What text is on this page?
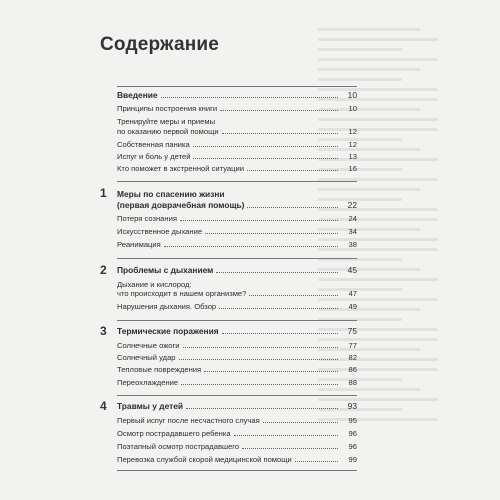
Содержание
Введение	10
Принципы построения книги	10
Тренируйте меры и приемы
по оказанию первой помощи	12
Собственная паника	12
Испуг и боль у детей	13
Кто поможет в экстренной ситуации	16
1 Меры по спасению жизни
(первая доврачебная помощь)	22
Потеря сознания	24
Искусственное дыхание	34
Реанимация	38
2 Проблемы с дыханием	45
Дыхание и кислород:
что происходит в нашем организме?	47
Нарушения дыхания. Обзор	49
3 Термические поражения	75
Солнечные ожоги	77
Солнечный удар	82
Тепловые повреждения	86
Переохлаждение	88
4 Травмы у детей	93
Первый испуг после несчастного случая	95
Осмотр пострадавшего ребенка	96
Поэтапный осмотр пострадавшего	96
Перевозка службой скорой медицинской помощи	99
